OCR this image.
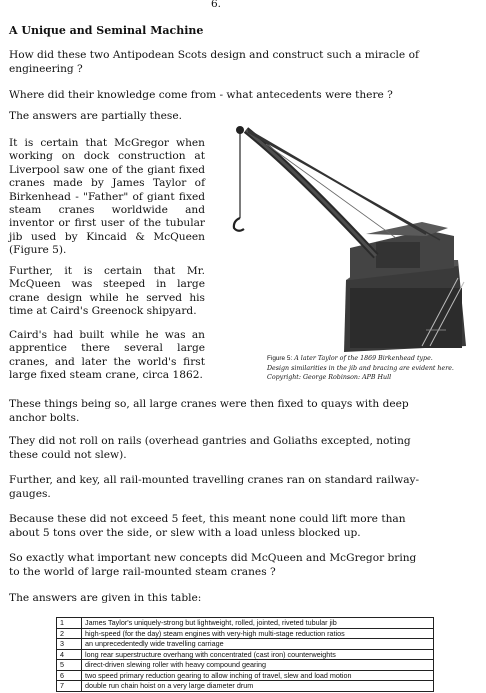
6.
A Unique and Seminal Machine

How did these two Antipodean Scots design and construct such a miracle of engineering ?

Where did their knowledge come from - what antecedents were there ?

The answers are partially these.

It is certain that McGregor when working on dock construction at Liverpool saw one of the giant fixed cranes made by James Taylor of Birkenhead - "Father" of giant fixed steam cranes worldwide and inventor or first user of the tubular jib used by Kincaid & McQueen (Figure 5).

Further, it is certain that Mr. McQueen was steeped in large crane design while he served his time at Caird's Greenock shipyard.

Caird's had built while he was an apprentice there several large cranes, and later the world's first large fixed steam crane, circa 1862.

Figure 5: A later Taylor of the 1869 Birkenhead type.
Design similarities in the jib and bracing are evident here.
Copyright: George Robinson: APB Hull

These things being so, all large cranes were then fixed to quays with deep anchor bolts.

They did not roll on rails (overhead gantries and Goliaths excepted, noting these could not slew).

Further, and key, all rail-mounted travelling cranes ran on standard railway-gauges.

Because these did not exceed 5 feet, this meant none could lift more than about 5 tons over the side, or slew with a load unless blocked up.

So exactly what important new concepts did McQueen and McGregor bring to the world of large rail-mounted steam cranes ?

The answers are given in this table:

1	James Taylor's uniquely-strong but lightweight, rolled, jointed, riveted tubular jib
2	high-speed (for the day) steam engines with very-high multi-stage reduction ratios
3	an unprecedentedly wide travelling carriage
4	long rear superstructure overhang with concentrated (cast iron) counterweights
5	direct-driven slewing roller with heavy compound gearing
6	two speed primary reduction gearing to allow inching of travel, slew and load motion
7	double run chain hoist on a very large diameter drum
